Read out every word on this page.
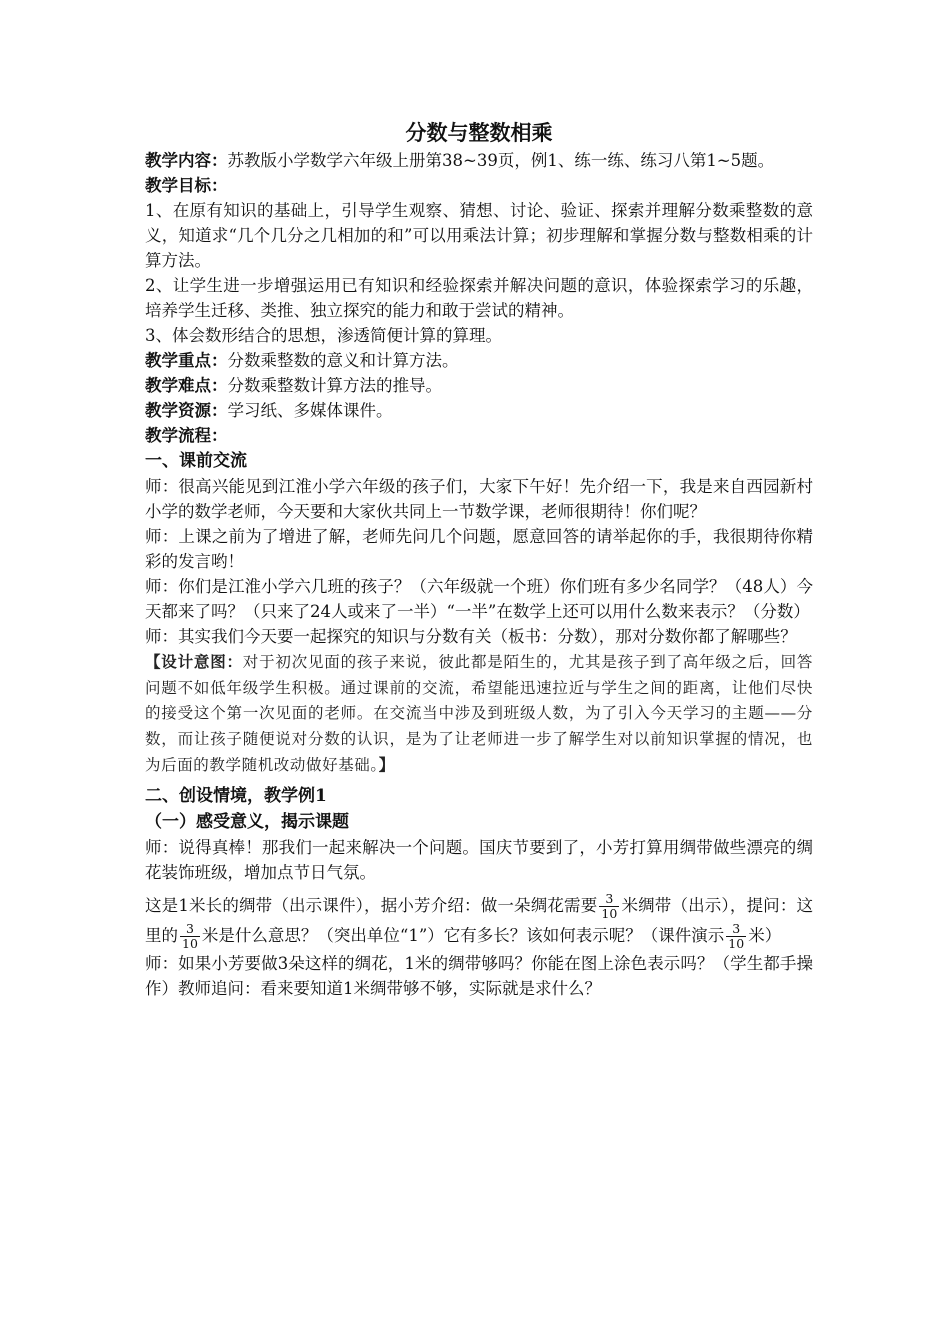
分数与整数相乘

教学内容：苏教版小学数学六年级上册第38~39页，例1、练一练、练习八第1~5题。

教学目标：

1、在原有知识的基础上，引导学生观察、猜想、讨论、验证、探索并理解分数乘整数的意义，知道求“几个几分之几相加的和”可以用乘法计算；初步理解和掌握分数与整数相乘的计算方法。

2、让学生进一步增强运用已有知识和经验探索并解决问题的意识，体验探索学习的乐趣，培养学生迁移、类推、独立探究的能力和敢于尝试的精神。

3、体会数形结合的思想，渗透简便计算的算理。

教学重点：分数乘整数的意义和计算方法。

教学难点：分数乘整数计算方法的推导。

教学资源：学习纸、多媒体课件。

教学流程：

一、课前交流

师：很高兴能见到江淮小学六年级的孩子们，大家下午好！先介绍一下，我是来自西园新村小学的数学老师，今天要和大家伙共同上一节数学课，老师很期待！你们呢？

师：上课之前为了增进了解，老师先问几个问题，愿意回答的请举起你的手，我很期待你精彩的发言哟！

师：你们是江淮小学六几班的孩子？（六年级就一个班）你们班有多少名同学？（48人）今天都来了吗？（只来了24人或来了一半）“一半”在数学上还可以用什么数来表示？（分数）

师：其实我们今天要一起探究的知识与分数有关（板书：分数），那对分数你都了解哪些？

【设计意图：对于初次见面的孩子来说，彼此都是陌生的，尤其是孩子到了高年级之后，回答问题不如低年级学生积极。通过课前的交流，希望能迅速拉近与学生之间的距离，让他们尽快的接受这个第一次见面的老师。在交流当中涉及到班级人数，为了引入今天学习的主题——分数，而让孩子随便说对分数的认识，是为了让老师进一步了解学生对以前知识掌握的情况，也为后面的教学随机改动做好基础。】

二、创设情境，教学例1

（一）感受意义，揭示课题

师：说得真棒！那我们一起来解决一个问题。国庆节要到了，小芳打算用绸带做些漂亮的绸花装饰班级，增加点节日气氛。

这是1米长的绸带（出示课件），据小芳介绍：做一朵绸花需要 $\frac{3}{10}$ 米绸带（出示），提问：这里的 $\frac{3}{10}$ 米是什么意思？（突出单位“1”）它有多长？该如何表示呢？（课件演示 $\frac{3}{10}$ 米）

师：如果小芳要做3朵这样的绸花，1米的绸带够吗？你能在图上涂色表示吗？（学生都手操作）教师追问：看来要知道1米绸带够不够，实际就是求什么？
